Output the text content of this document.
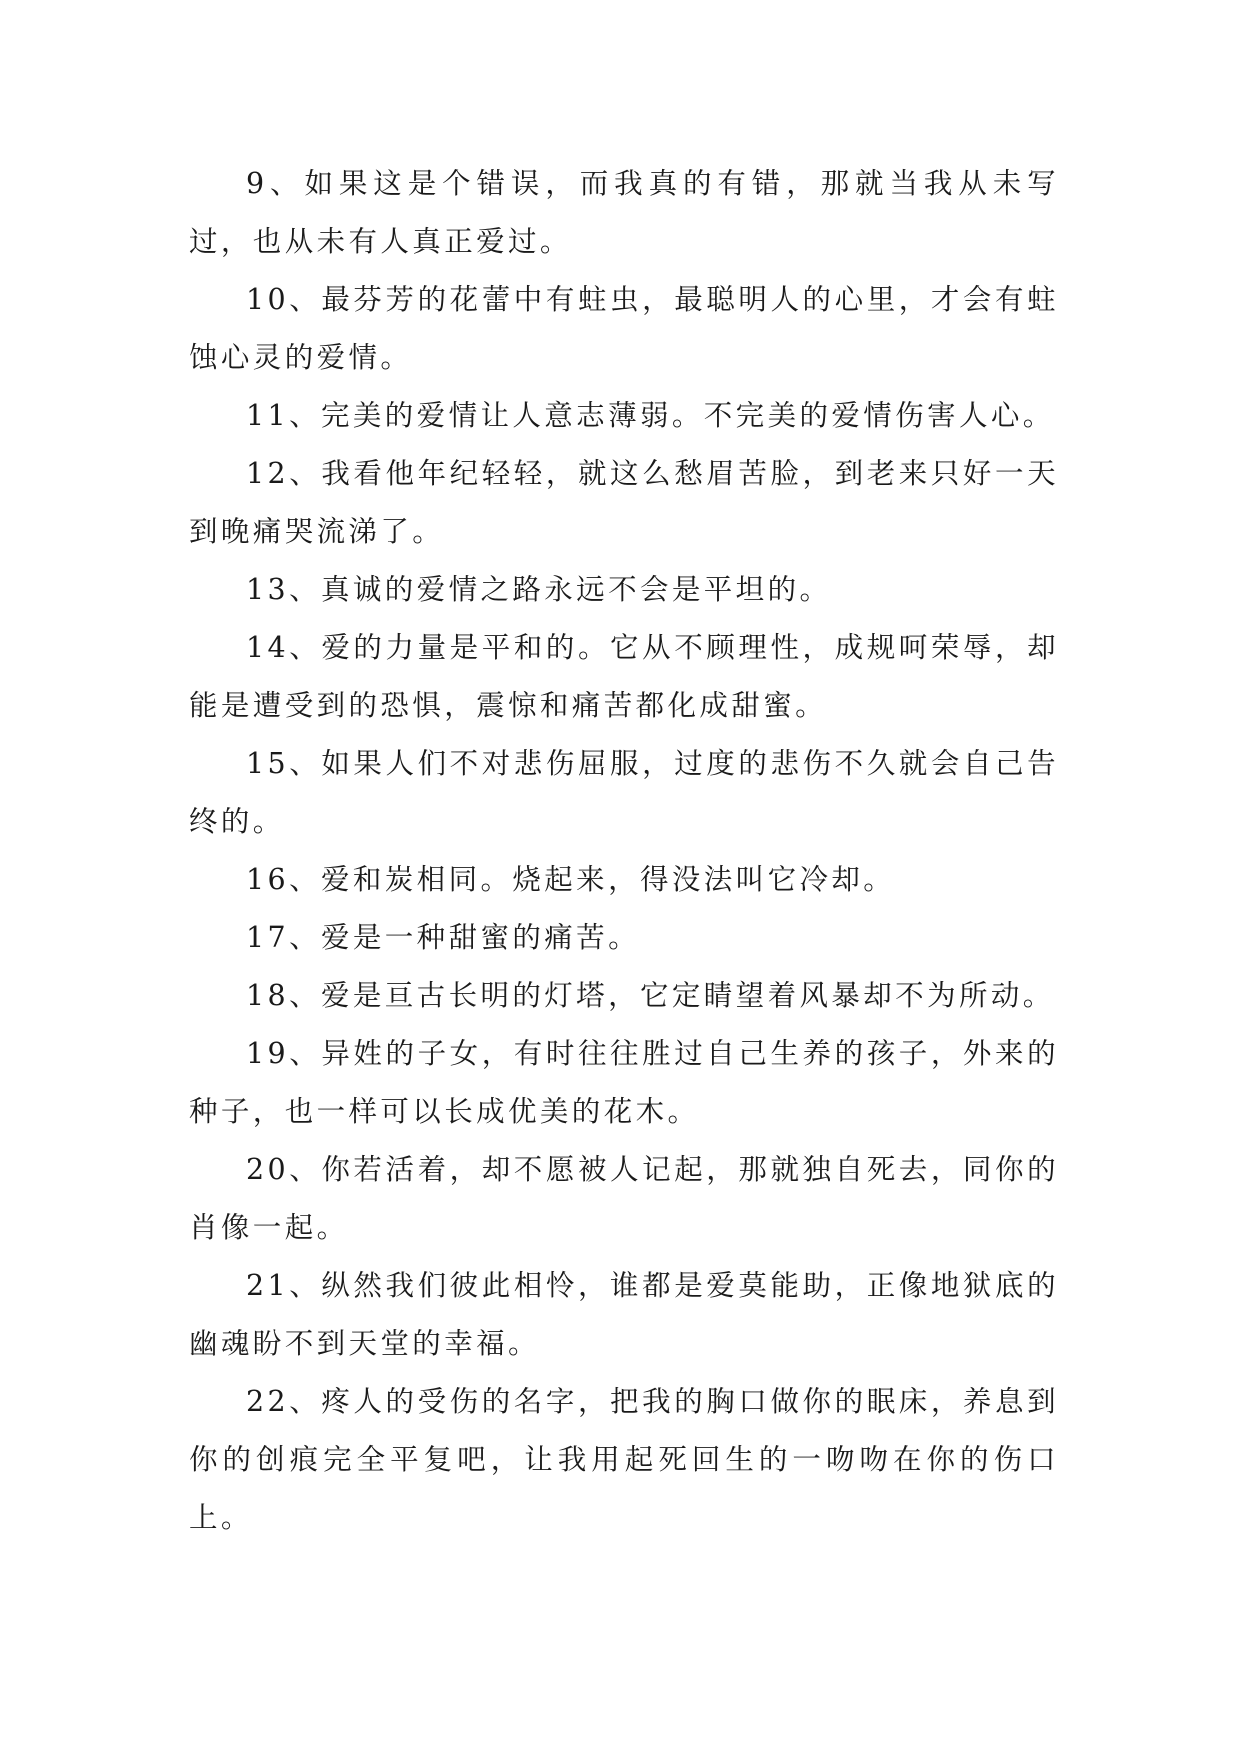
9、如果这是个错误，而我真的有错，那就当我从未写过，也从未有人真正爱过。

10、最芬芳的花蕾中有蛀虫，最聪明人的心里，才会有蛀蚀心灵的爱情。

11、完美的爱情让人意志薄弱。不完美的爱情伤害人心。

12、我看他年纪轻轻，就这么愁眉苦脸，到老来只好一天到晚痛哭流涕了。

13、真诚的爱情之路永远不会是平坦的。

14、爱的力量是平和的。它从不顾理性，成规呵荣辱，却能是遭受到的恐惧，震惊和痛苦都化成甜蜜。

15、如果人们不对悲伤屈服，过度的悲伤不久就会自己告终的。

16、爱和炭相同。烧起来，得没法叫它冷却。

17、爱是一种甜蜜的痛苦。

18、爱是亘古长明的灯塔，它定睛望着风暴却不为所动。

19、异姓的子女，有时往往胜过自己生养的孩子，外来的种子，也一样可以长成优美的花木。

20、你若活着，却不愿被人记起，那就独自死去，同你的肖像一起。

21、纵然我们彼此相怜，谁都是爱莫能助，正像地狱底的幽魂盼不到天堂的幸福。

22、疼人的受伤的名字，把我的胸口做你的眠床，养息到你的创痕完全平复吧，让我用起死回生的一吻吻在你的伤口上。
